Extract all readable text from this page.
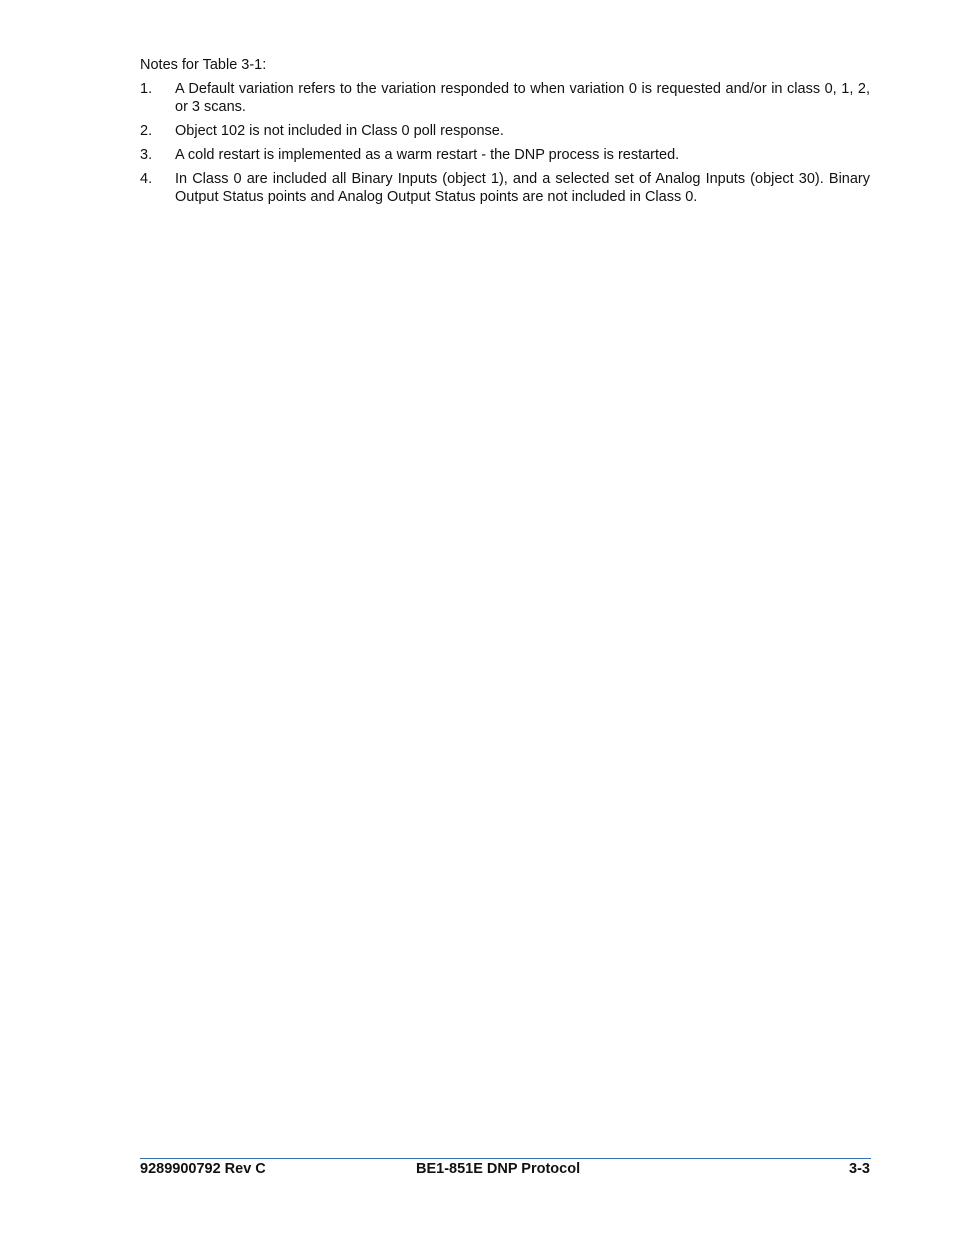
Notes for Table 3-1:

1. A Default variation refers to the variation responded to when variation 0 is requested and/or in class 0, 1, 2, or 3 scans.
2. Object 102 is not included in Class 0 poll response.
3. A cold restart is implemented as a warm restart - the DNP process is restarted.
4. In Class 0 are included all Binary Inputs (object 1), and a selected set of Analog Inputs (object 30). Binary Output Status points and Analog Output Status points are not included in Class 0.
9289900792 Rev C	BE1-851E DNP Protocol	3-3
